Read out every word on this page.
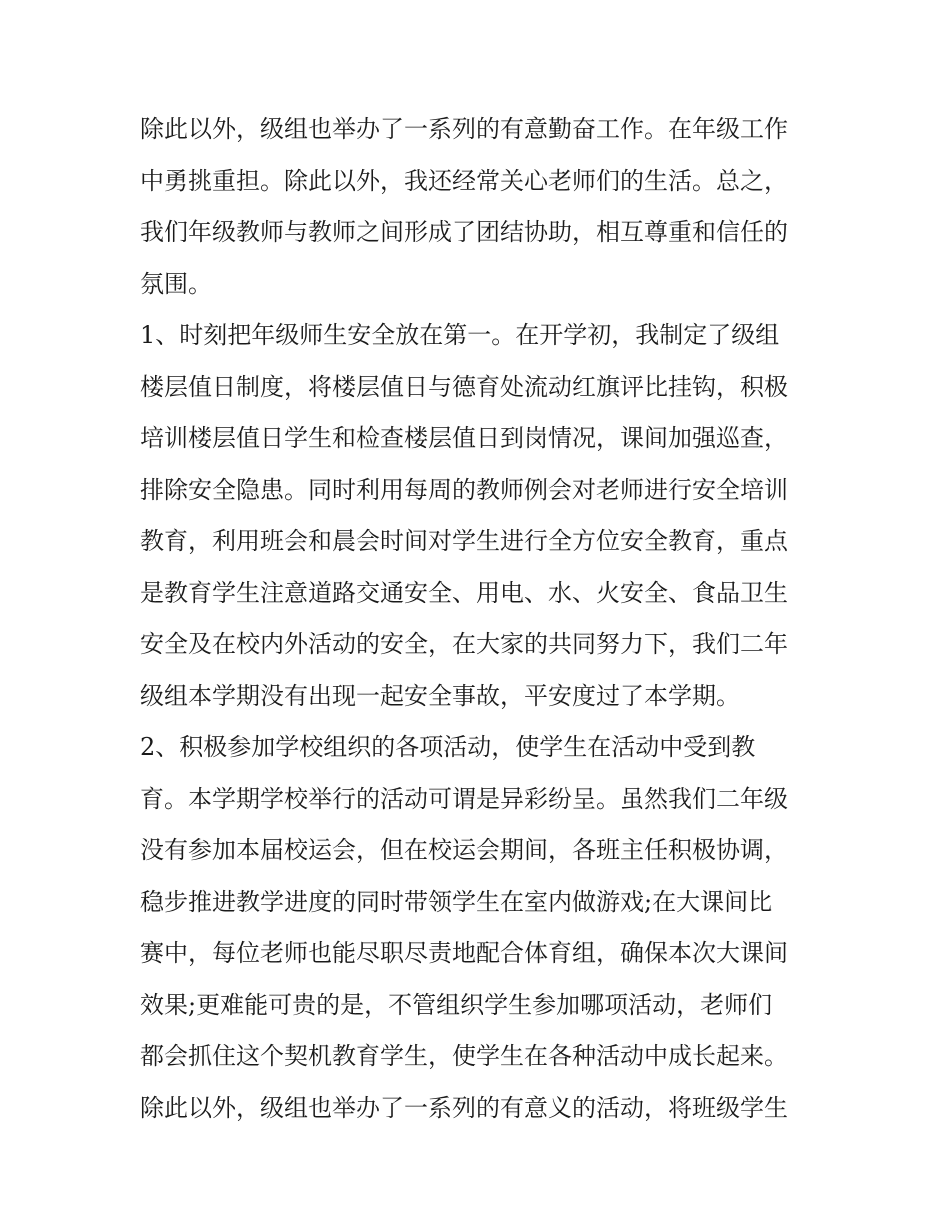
除此以外，级组也举办了一系列的有意勤奋工作。在年级工作
中勇挑重担。除此以外，我还经常关心老师们的生活。总之，
我们年级教师与教师之间形成了团结协助，相互尊重和信任的
氛围。
1、时刻把年级师生安全放在第一。在开学初，我制定了级组
楼层值日制度，将楼层值日与德育处流动红旗评比挂钩，积极
培训楼层值日学生和检查楼层值日到岗情况，课间加强巡查，
排除安全隐患。同时利用每周的教师例会对老师进行安全培训
教育，利用班会和晨会时间对学生进行全方位安全教育，重点
是教育学生注意道路交通安全、用电、水、火安全、食品卫生
安全及在校内外活动的安全，在大家的共同努力下，我们二年
级组本学期没有出现一起安全事故，平安度过了本学期。
2、积极参加学校组织的各项活动，使学生在活动中受到教
育。本学期学校举行的活动可谓是异彩纷呈。虽然我们二年级
没有参加本届校运会，但在校运会期间，各班主任积极协调，
稳步推进教学进度的同时带领学生在室内做游戏;在大课间比
赛中，每位老师也能尽职尽责地配合体育组，确保本次大课间
效果;更难能可贵的是，不管组织学生参加哪项活动，老师们
都会抓住这个契机教育学生，使学生在各种活动中成长起来。
除此以外，级组也举办了一系列的有意义的活动，将班级学生
